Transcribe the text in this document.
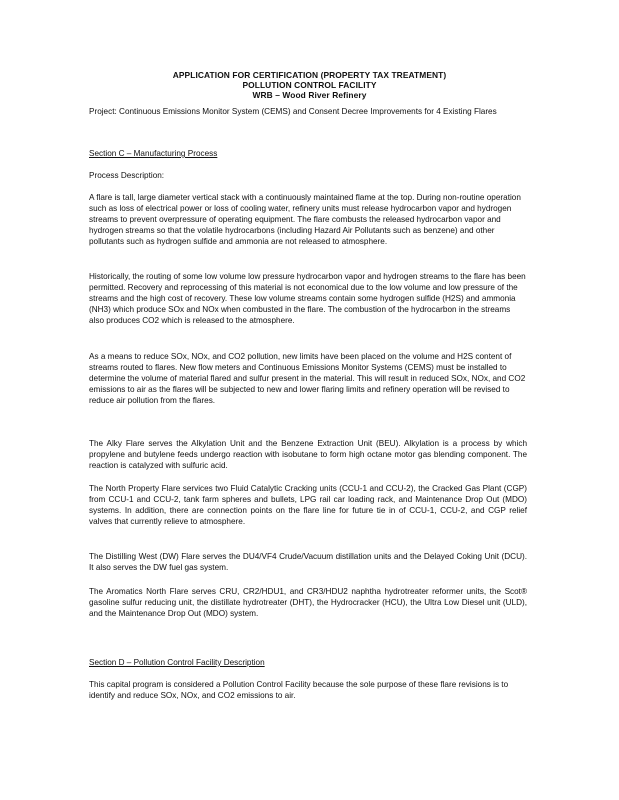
APPLICATION FOR CERTIFICATION (PROPERTY TAX TREATMENT)
POLLUTION CONTROL FACILITY
WRB – Wood River Refinery

Project: Continuous Emissions Monitor System (CEMS) and Consent Decree Improvements for 4 Existing Flares

Section C – Manufacturing Process
Process Description:

A flare is tall, large diameter vertical stack with a continuously maintained flame at the top. During non-routine operation such as loss of electrical power or loss of cooling water, refinery units must release hydrocarbon vapor and hydrogen streams to prevent overpressure of operating equipment. The flare combusts the released hydrocarbon vapor and hydrogen streams so that the volatile hydrocarbons (including Hazard Air Pollutants such as benzene) and other pollutants such as hydrogen sulfide and ammonia are not released to atmosphere.

Historically, the routing of some low volume low pressure hydrocarbon vapor and hydrogen streams to the flare has been permitted. Recovery and reprocessing of this material is not economical due to the low volume and low pressure of the streams and the high cost of recovery. These low volume streams contain some hydrogen sulfide (H2S) and ammonia (NH3) which produce SOx and NOx when combusted in the flare. The combustion of the hydrocarbon in the streams also produces CO2 which is released to the atmosphere.

As a means to reduce SOx, NOx, and CO2 pollution, new limits have been placed on the volume and H2S content of streams routed to flares. New flow meters and Continuous Emissions Monitor Systems (CEMS) must be installed to determine the volume of material flared and sulfur present in the material. This will result in reduced SOx, NOx, and CO2 emissions to air as the flares will be subjected to new and lower flaring limits and refinery operation will be revised to reduce air pollution from the flares.

The Alky Flare serves the Alkylation Unit and the Benzene Extraction Unit (BEU). Alkylation is a process by which propylene and butylene feeds undergo reaction with isobutane to form high octane motor gas blending component. The reaction is catalyzed with sulfuric acid.

The North Property Flare services two Fluid Catalytic Cracking units (CCU-1 and CCU-2), the Cracked Gas Plant (CGP) from CCU-1 and CCU-2, tank farm spheres and bullets, LPG rail car loading rack, and Maintenance Drop Out (MDO) systems. In addition, there are connection points on the flare line for future tie in of CCU-1, CCU-2, and CGP relief valves that currently relieve to atmosphere.

The Distilling West (DW) Flare serves the DU4/VF4 Crude/Vacuum distillation units and the Delayed Coking Unit (DCU). It also serves the DW fuel gas system.

The Aromatics North Flare serves CRU, CR2/HDU1, and CR3/HDU2 naphtha hydrotreater reformer units, the Scot® gasoline sulfur reducing unit, the distillate hydrotreater (DHT), the Hydrocracker (HCU), the Ultra Low Diesel unit (ULD), and the Maintenance Drop Out (MDO) system.

Section D – Pollution Control Facility Description

This capital program is considered a Pollution Control Facility because the sole purpose of these flare revisions is to identify and reduce SOx, NOx, and CO2 emissions to air.
